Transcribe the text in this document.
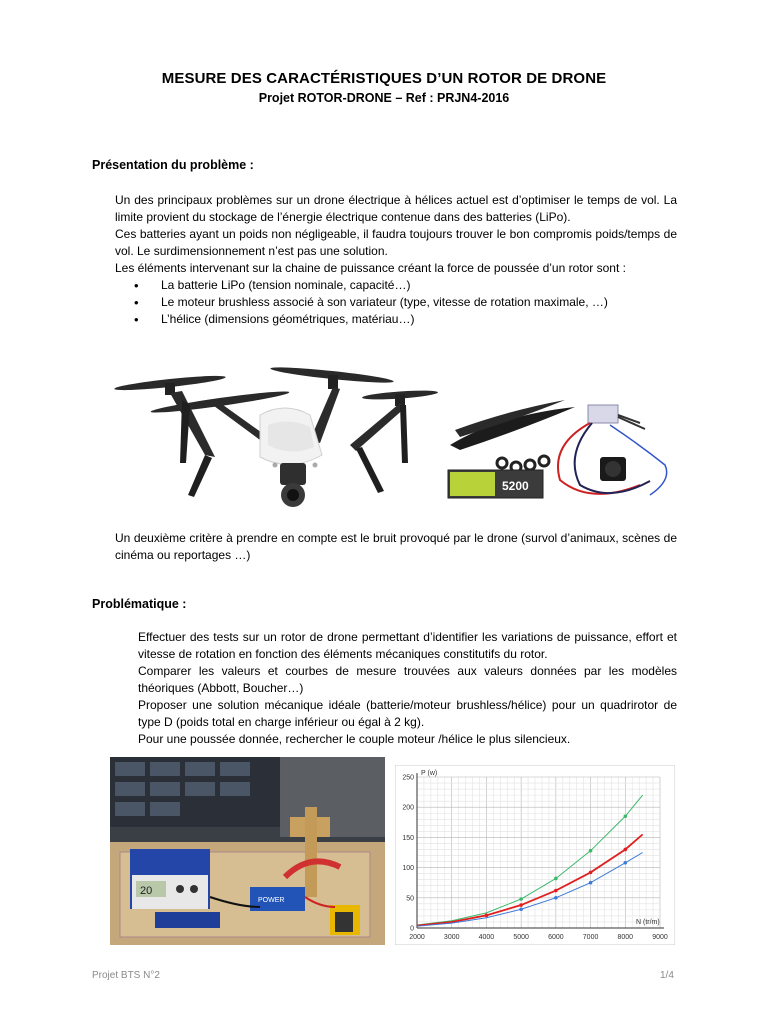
MESURE DES CARACTÉRISTIQUES D’UN ROTOR DE DRONE
Projet ROTOR-DRONE – Ref : PRJN4-2016
Présentation du problème :

Un des principaux problèmes sur un drone électrique à hélices actuel est d’optimiser le temps de vol. La limite provient du stockage de l’énergie électrique contenue dans des batteries (LiPo).

Ces batteries ayant un poids non négligeable, il faudra toujours trouver le bon compromis poids/temps de vol. Le surdimensionnement n’est pas une solution.

Les éléments intervenant sur la chaine de puissance créant la force de poussée d’un rotor sont :

• La batterie LiPo (tension nominale, capacité…)
• Le moteur brushless associé à son variateur (type, vitesse de rotation maximale, …)
• L’hélice (dimensions géométriques, matériau…)
5200
Un deuxième critère à prendre en compte est le bruit provoqué par le drone (survol d’animaux, scènes de cinéma ou reportages …)
Problématique :

Effectuer des tests sur un rotor de drone permettant d’identifier les variations de puissance, effort et vitesse de rotation en fonction des éléments mécaniques constitutifs du rotor.

Comparer les valeurs et courbes de mesure trouvées aux valeurs données par les modèles théoriques (Abbott, Boucher…)

Proposer une solution mécanique idéale (batterie/moteur brushless/hélice) pour un quadrirotor de type D (poids total en charge inférieur ou égal à 2 kg).

Pour une poussée donnée, rechercher le couple moteur /hélice le plus silencieux.

20
POWER
2000	3000	4000	5000	6000	7000	8000	9000
0
50
100
150
200
250
P (w)
N (tr/m)
Projet BTS N°2	1/4
